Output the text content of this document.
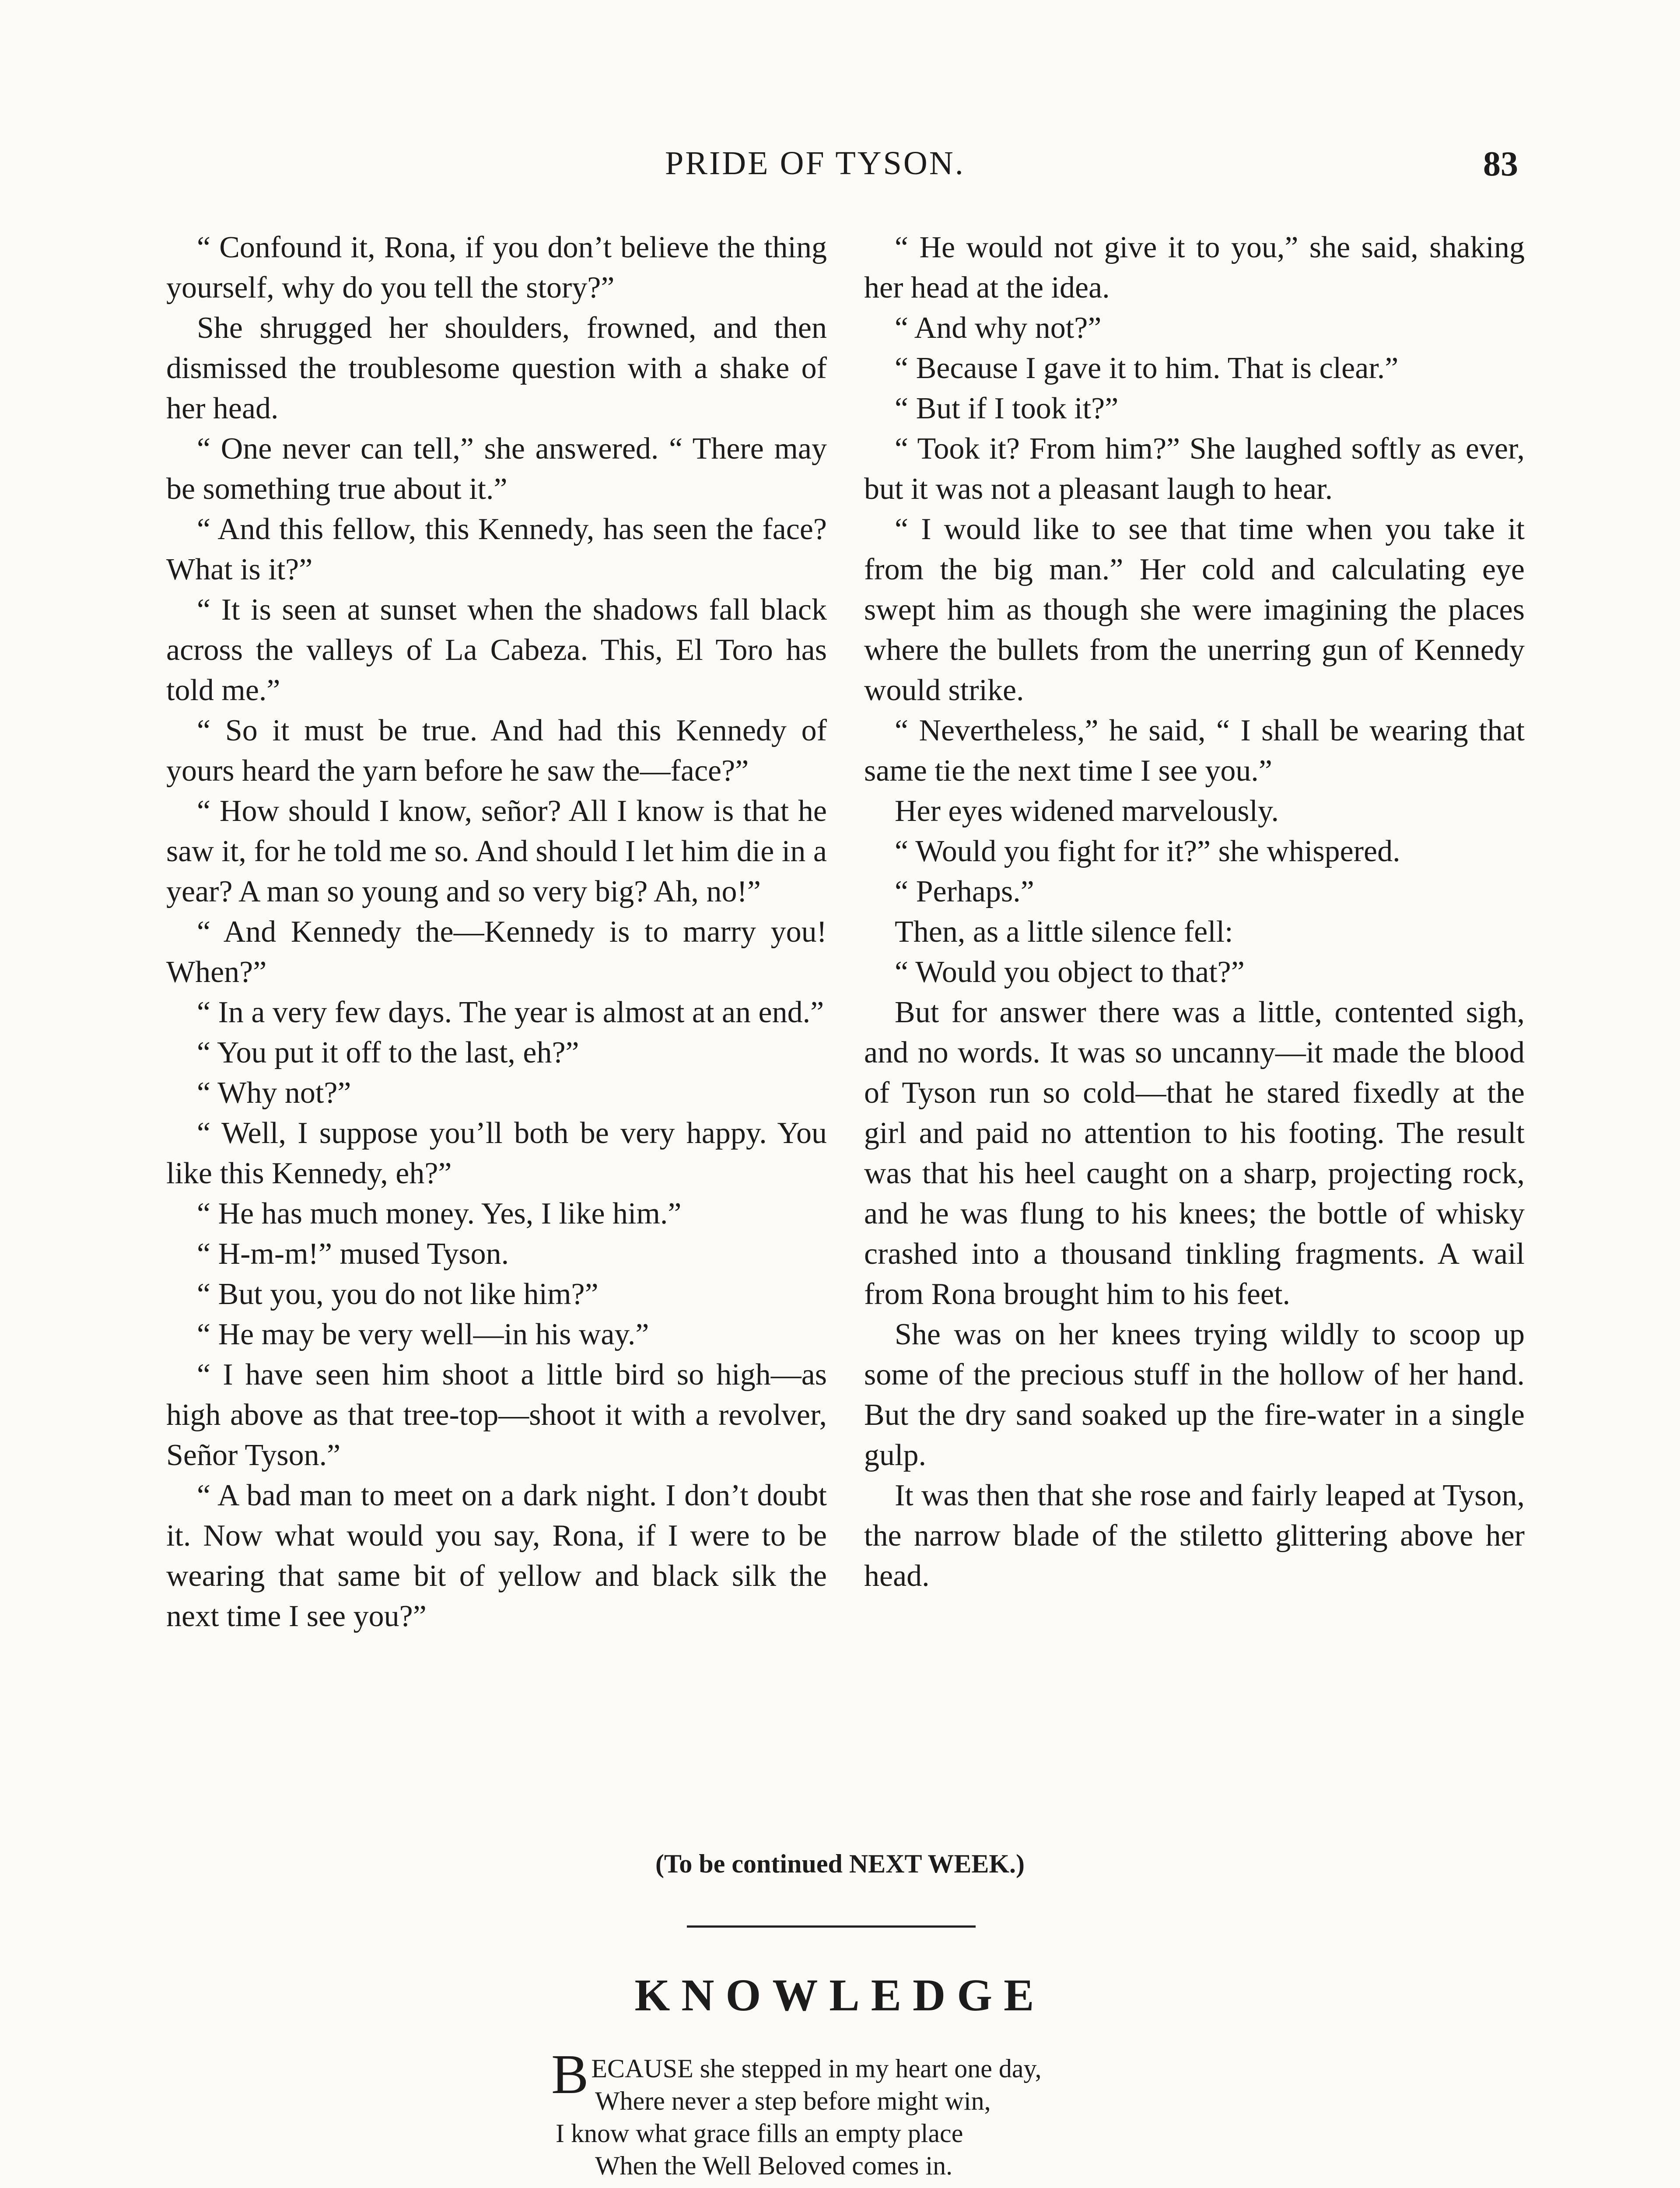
PRIDE OF TYSON.	83

“ Confound it, Rona, if you don’t believe the thing yourself, why do you tell the story?”

She shrugged her shoulders, frowned, and then dismissed the troublesome question with a shake of her head.

“ One never can tell,” she answered. “ There may be something true about it.”

“ And this fellow, this Kennedy, has seen the face? What is it?”

“ It is seen at sunset when the shadows fall black across the valleys of La Cabeza. This, El Toro has told me.”

“ So it must be true. And had this Kennedy of yours heard the yarn before he saw the—face?”

“ How should I know, señor? All I know is that he saw it, for he told me so. And should I let him die in a year? A man so young and so very big? Ah, no!”

“ And Kennedy the—Kennedy is to marry you! When?”

“ In a very few days. The year is almost at an end.”

“ You put it off to the last, eh?”

“ Why not?”

“ Well, I suppose you’ll both be very happy. You like this Kennedy, eh?”

“ He has much money. Yes, I like him.”

“ H-m-m!” mused Tyson.

“ But you, you do not like him?”

“ He may be very well—in his way.”

“ I have seen him shoot a little bird so high—as high above as that tree-top—shoot it with a revolver, Señor Tyson.”

“ A bad man to meet on a dark night. I don’t doubt it. Now what would you say, Rona, if I were to be wearing that same bit of yellow and black silk the next time I see you?”

“ He would not give it to you,” she said, shaking her head at the idea.

“ And why not?”

“ Because I gave it to him. That is clear.”

“ But if I took it?”

“ Took it? From him?” She laughed softly as ever, but it was not a pleasant laugh to hear.

“ I would like to see that time when you take it from the big man.” Her cold and calculating eye swept him as though she were imagining the places where the bullets from the unerring gun of Kennedy would strike.

“ Nevertheless,” he said, “ I shall be wearing that same tie the next time I see you.”

Her eyes widened marvelously.

“ Would you fight for it?” she whispered.

“ Perhaps.”

Then, as a little silence fell:

“ Would you object to that?”

But for answer there was a little, contented sigh, and no words. It was so uncanny—it made the blood of Tyson run so cold—that he stared fixedly at the girl and paid no attention to his footing. The result was that his heel caught on a sharp, projecting rock, and he was flung to his knees; the bottle of whisky crashed into a thousand tinkling fragments. A wail from Rona brought him to his feet.

She was on her knees trying wildly to scoop up some of the precious stuff in the hollow of her hand. But the dry sand soaked up the fire-water in a single gulp.

It was then that she rose and fairly leaped at Tyson, the narrow blade of the stiletto glittering above her head.

(To be continued NEXT WEEK.)
KNOWLEDGE
B ECAUSE she stepped in my heart one day,
Where never a step before might win,
I know what grace fills an empty place
When the Well Beloved comes in.
